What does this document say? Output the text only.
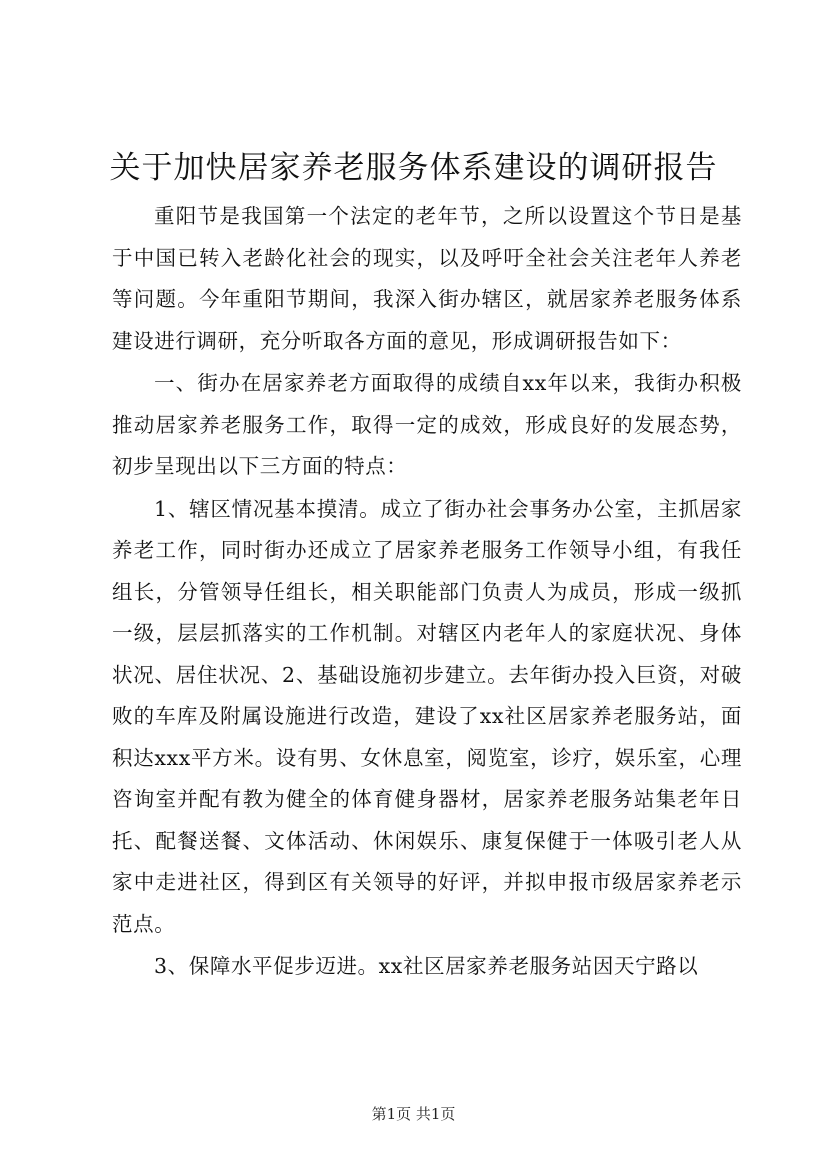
关于加快居家养老服务体系建设的调研报告

重阳节是我国第一个法定的老年节，之所以设置这个节日是基于中国已转入老龄化社会的现实，以及呼吁全社会关注老年人养老等问题。今年重阳节期间，我深入街办辖区，就居家养老服务体系建设进行调研，充分听取各方面的意见，形成调研报告如下：

一、街办在居家养老方面取得的成绩自xx年以来，我街办积极推动居家养老服务工作，取得一定的成效，形成良好的发展态势，初步呈现出以下三方面的特点：

1、辖区情况基本摸清。成立了街办社会事务办公室，主抓居家养老工作，同时街办还成立了居家养老服务工作领导小组，有我任组长，分管领导任组长，相关职能部门负责人为成员，形成一级抓一级，层层抓落实的工作机制。对辖区内老年人的家庭状况、身体状况、居住状况、2、基础设施初步建立。去年街办投入巨资，对破败的车库及附属设施进行改造，建设了xx社区居家养老服务站，面积达xxx平方米。设有男、女休息室，阅览室，诊疗，娱乐室，心理咨询室并配有教为健全的体育健身器材，居家养老服务站集老年日托、配餐送餐、文体活动、休闲娱乐、康复保健于一体吸引老人从家中走进社区，得到区有关领导的好评，并拟申报市级居家养老示范点。

3、保障水平促步迈进。xx社区居家养老服务站因天宁路以

第1页 共1页
